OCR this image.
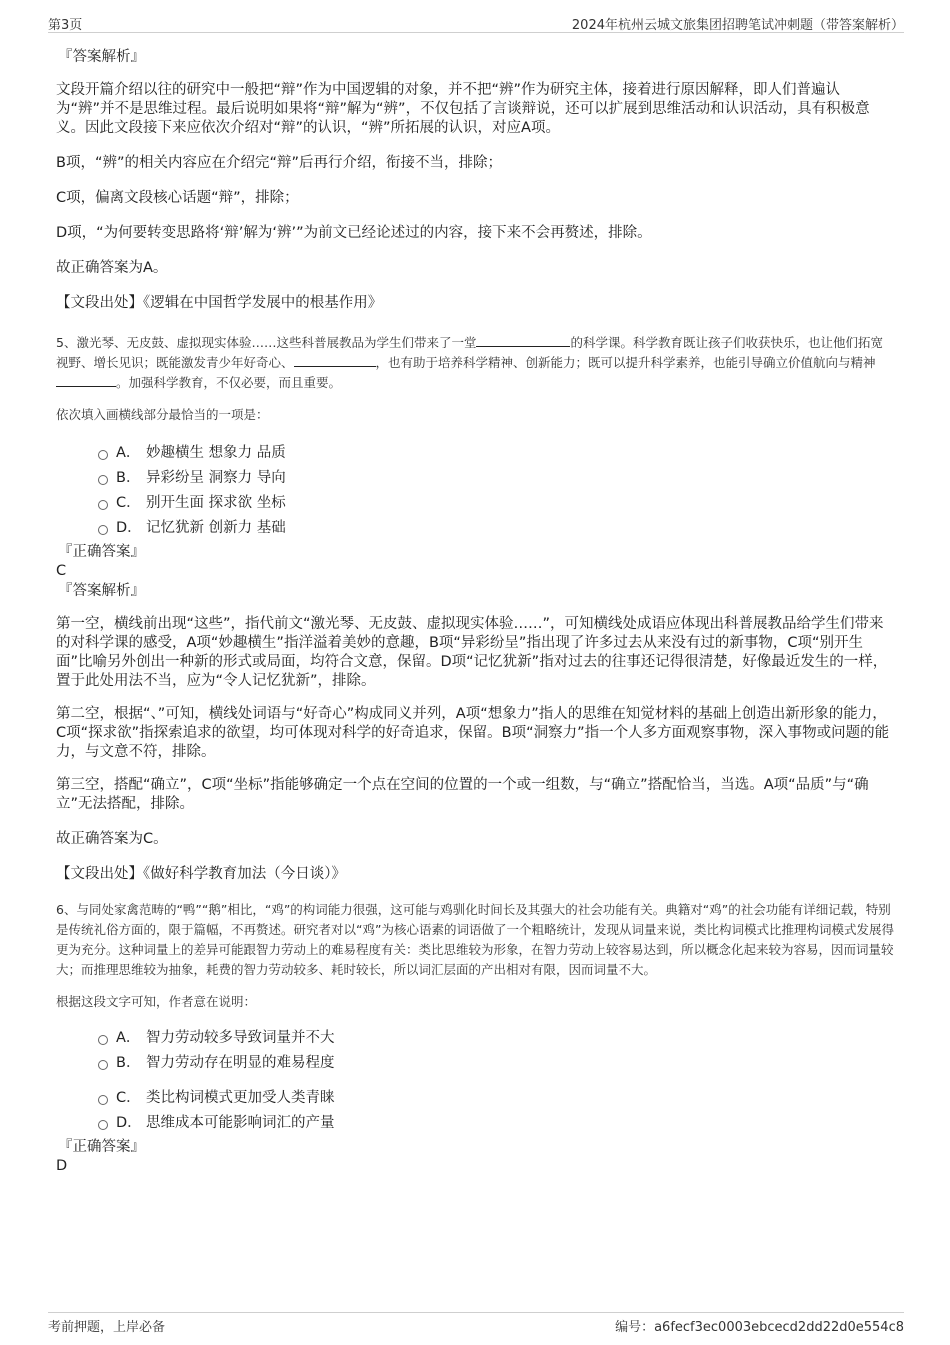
第3页	2024年杭州云城文旅集团招聘笔试冲刺题（带答案解析）

『答案解析』

文段开篇介绍以往的研究中一般把“辩”作为中国逻辑的对象，并不把“辨”作为研究主体，接着进行原因解释，即人们普遍认为“辨”并不是思维过程。最后说明如果将“辩”解为“辨”，不仅包括了言谈辩说，还可以扩展到思维活动和认识活动，具有积极意义。因此文段接下来应依次介绍对“辩”的认识，“辨”所拓展的认识，对应A项。

B项，“辨”的相关内容应在介绍完“辩”后再行介绍，衔接不当，排除；

C项，偏离文段核心话题“辩”，排除；

D项，“为何要转变思路将‘辩’解为‘辨’”为前文已经论述过的内容，接下来不会再赘述，排除。

故正确答案为A。

【文段出处】《逻辑在中国哲学发展中的根基作用》

5、激光琴、无皮鼓、虚拟现实体验……这些科普展教品为学生们带来了一堂	的科学课。科学教育既让孩子们收获快乐，也让他们拓宽视野、增长见识；既能激发青少年好奇心、	，也有助于培养科学精神、创新能力；既可以提升科学素养，也能引导确立价值航向与精神。加强科学教育，不仅必要，而且重要。

依次填入画横线部分最恰当的一项是：

A． 妙趣横生 想象力 品质
B． 异彩纷呈 洞察力 导向
C． 别开生面 探求欲 坐标
D． 记忆犹新 创新力 基础

『正确答案』

C

『答案解析』

第一空，横线前出现“这些”，指代前文“激光琴、无皮鼓、虚拟现实体验……”，可知横线处成语应体现出科普展教品给学生们带来的对科学课的感受，A项“妙趣横生”指洋溢着美妙的意趣，B项“异彩纷呈”指出现了许多过去从来没有过的新事物，C项“别开生面”比喻另外创出一种新的形式或局面，均符合文意，保留。D项“记忆犹新”指对过去的往事还记得很清楚，好像最近发生的一样，置于此处用法不当，应为“令人记忆犹新”，排除。

第二空，根据“、”可知，横线处词语与“好奇心”构成同义并列，A项“想象力”指人的思维在知觉材料的基础上创造出新形象的能力，C项“探求欲”指探索追求的欲望，均可体现对科学的好奇追求，保留。B项“洞察力”指一个人多方面观察事物，深入事物或问题的能力，与文意不符，排除。

第三空，搭配“确立”，C项“坐标”指能够确定一个点在空间的位置的一个或一组数，与“确立”搭配恰当，当选。A项“品质”与“确立”无法搭配，排除。

故正确答案为C。

【文段出处】《做好科学教育加法（今日谈）》

6、与同处家禽范畴的“鸭”“鹅”相比，“鸡”的构词能力很强，这可能与鸡驯化时间长及其强大的社会功能有关。典籍对“鸡”的社会功能有详细记载，特别是传统礼俗方面的，限于篇幅，不再赘述。研究者对以“鸡”为核心语素的词语做了一个粗略统计，发现从词量来说，类比构词模式比推理构词模式发展得更为充分。这种词量上的差异可能跟智力劳动上的难易程度有关：类比思维较为形象，在智力劳动上较容易达到，所以概念化起来较为容易，因而词量较大；而推理思维较为抽象，耗费的智力劳动较多、耗时较长，所以词汇层面的产出相对有限，因而词量不大。

根据这段文字可知，作者意在说明：

A． 智力劳动较多导致词量并不大
B． 智力劳动存在明显的难易程度
C． 类比构词模式更加受人类青睐
D． 思维成本可能影响词汇的产量

『正确答案』

D

考前押题，上岸必备	编号：a6fecf3ec0003ebcecd2dd22d0e554c8
